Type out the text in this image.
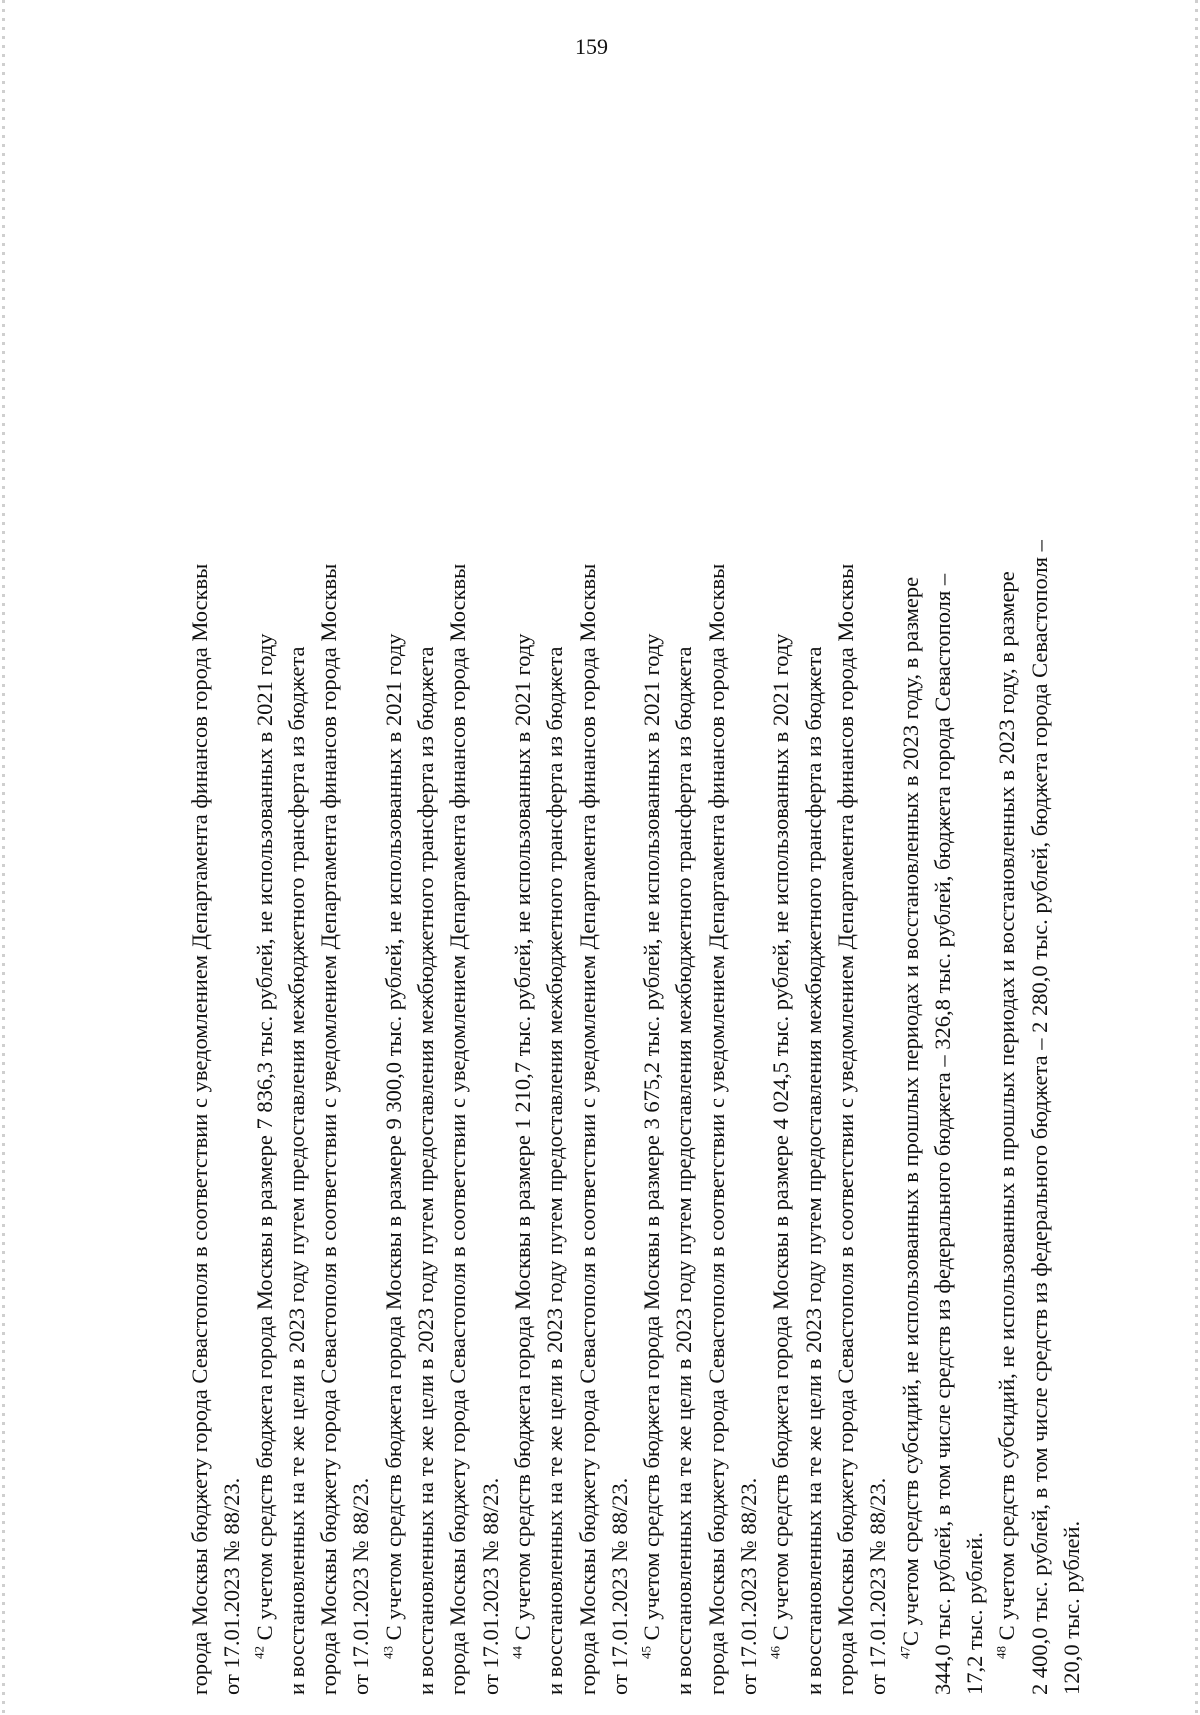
159
города Москвы бюджету города Севастополя в соответствии с уведомлением Департамента финансов города Москвы от 17.01.2023 № 88/23. $^{42}$ С учетом средств бюджета города Москвы в размере 7 836,3 тыс. рублей, не использованных в 2021 году и восстановленных на те же цели в 2023 году путем предоставления межбюджетного трансферта из бюджета города Москвы бюджету города Севастополя в соответствии с уведомлением Департамента финансов города Москвы от 17.01.2023 № 88/23. $^{43}$ С учетом средств бюджета города Москвы в размере 9 300,0 тыс. рублей, не использованных в 2021 году и восстановленных на те же цели в 2023 году путем предоставления межбюджетного трансферта из бюджета города Москвы бюджету города Севастополя в соответствии с уведомлением Департамента финансов города Москвы от 17.01.2023 № 88/23. $^{44}$ С учетом средств бюджета города Москвы в размере 1 210,7 тыс. рублей, не использованных в 2021 году и восстановленных на те же цели в 2023 году путем предоставления межбюджетного трансферта из бюджета города Москвы бюджету города Севастополя в соответствии с уведомлением Департамента финансов города Москвы от 17.01.2023 № 88/23. $^{45}$ С учетом средств бюджета города Москвы в размере 3 675,2 тыс. рублей, не использованных в 2021 году и восстановленных на те же цели в 2023 году путем предоставления межбюджетного трансферта из бюджета города Москвы бюджету города Севастополя в соответствии с уведомлением Департамента финансов города Москвы от 17.01.2023 № 88/23. $^{46}$ С учетом средств бюджета города Москвы в размере 4 024,5 тыс. рублей, не использованных в 2021 году и восстановленных на те же цели в 2023 году путем предоставления межбюджетного трансферта из бюджета города Москвы бюджету города Севастополя в соответствии с уведомлением Департамента финансов города Москвы от 17.01.2023 № 88/23. $^{47}$С учетом средств субсидий, не использованных в прошлых периодах и восстановленных в 2023 году, в размере 344,0 тыс. рублей, в том числе средств из федерального бюджета – 326,8 тыс. рублей, бюджета города Севастополя – 17,2 тыс. рублей. $^{48}$ С учетом средств субсидий, не использованных в прошлых периодах и восстановленных в 2023 году, в размере 2 400,0 тыс. рублей, в том числе средств из федерального бюджета – 2 280,0 тыс. рублей, бюджета города Севастополя – 120,0 тыс. рублей.
